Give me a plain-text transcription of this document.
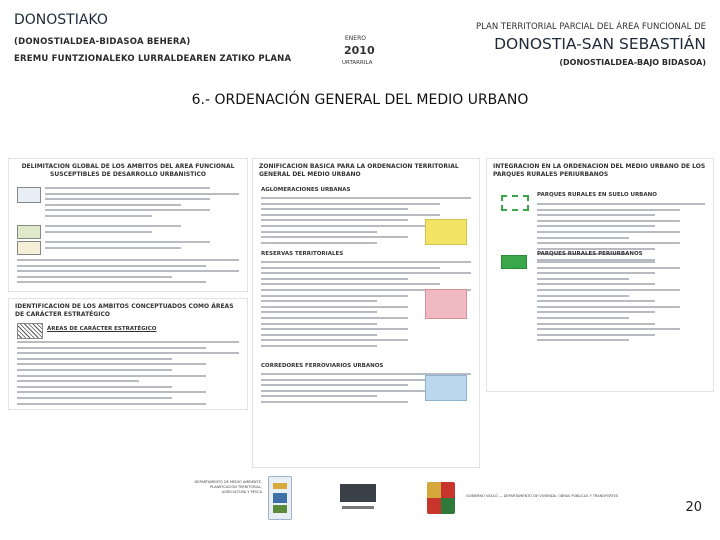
DONOSTIAKO
(DONOSTIALDEA-BIDASOA BEHERA)
EREMU FUNTZIONALEKO LURRALDEAREN ZATIKO PLANA
ENERO
2010
URTARRILA
PLAN TERRITORIAL PARCIAL DEL ÁREA FUNCIONAL DE
DONOSTIA-SAN SEBASTIÁN
(DONOSTIALDEA-BAJO BIDASOA)
6.- ORDENACIÓN GENERAL DEL MEDIO URBANO
DELIMITACION GLOBAL DE LOS AMBITOS DEL AREA FUNCIONAL SUSCEPTIBLES DE DESARROLLO URBANISTICO
IDENTIFICACION DE LOS AMBITOS CONCEPTUADOS COMO ÁREAS DE CARÁCTER ESTRATÉGICO
ÁREAS DE CARÁCTER ESTRATÉGICO
ZONIFICACION BASICA PARA LA ORDENACION TERRITORIAL GENERAL DEL MEDIO URBANO
AGLOMERACIONES URBANAS
RESERVAS TERRITORIALES
CORREDORES FERROVIARIOS URBANOS
INTEGRACION EN LA ORDENACION DEL MEDIO URBANO DE LOS PARQUES RURALES PERIURBANOS
PARQUES RURALES EN SUELO URBANO
PARQUES RURALES PERIURBANOS
DEPARTAMENTO DE MEDIO AMBIENTE, PLANIFICACIÓN TERRITORIAL, AGRICULTURA Y PESCA
GOBIERNO VASCO — DEPARTAMENTO DE VIVIENDA, OBRAS PÚBLICAS Y TRANSPORTES
20
